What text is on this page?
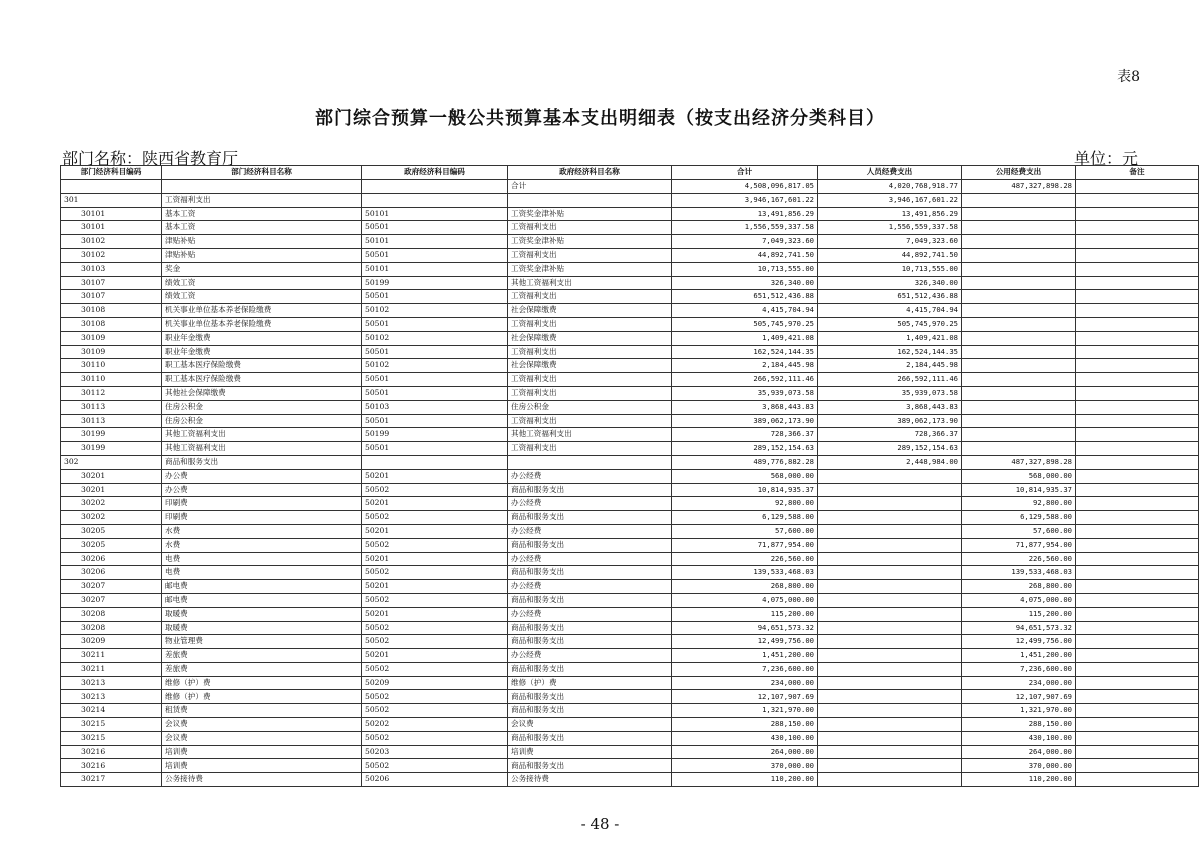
表8
部门综合预算一般公共预算基本支出明细表（按支出经济分类科目）
部门名称：陕西省教育厅	单位：元
部门经济科目编码	部门经济科目名称	政府经济科目编码	政府经济科目名称	合计	人员经费支出	公用经费支出	备注
			合计	4,508,096,817.05	4,020,768,918.77	487,327,898.28	
301	工资福利支出			3,946,167,601.22	3,946,167,601.22		
30101	基本工资	50101	工资奖金津补贴	13,491,856.29	13,491,856.29		
30101	基本工资	50501	工资福利支出	1,556,559,337.58	1,556,559,337.58		
30102	津贴补贴	50101	工资奖金津补贴	7,049,323.60	7,049,323.60		
30102	津贴补贴	50501	工资福利支出	44,892,741.50	44,892,741.50		
30103	奖金	50101	工资奖金津补贴	10,713,555.00	10,713,555.00		
30107	绩效工资	50199	其他工资福利支出	326,340.00	326,340.00		
30107	绩效工资	50501	工资福利支出	651,512,436.88	651,512,436.88		
30108	机关事业单位基本养老保险缴费	50102	社会保障缴费	4,415,704.94	4,415,704.94		
30108	机关事业单位基本养老保险缴费	50501	工资福利支出	505,745,970.25	505,745,970.25		
30109	职业年金缴费	50102	社会保障缴费	1,409,421.08	1,409,421.08		
30109	职业年金缴费	50501	工资福利支出	162,524,144.35	162,524,144.35		
30110	职工基本医疗保险缴费	50102	社会保障缴费	2,184,445.98	2,184,445.98		
30110	职工基本医疗保险缴费	50501	工资福利支出	266,592,111.46	266,592,111.46		
30112	其他社会保障缴费	50501	工资福利支出	35,939,073.58	35,939,073.58		
30113	住房公积金	50103	住房公积金	3,868,443.83	3,868,443.83		
30113	住房公积金	50501	工资福利支出	389,062,173.90	389,062,173.90		
30199	其他工资福利支出	50199	其他工资福利支出	728,366.37	728,366.37		
30199	其他工资福利支出	50501	工资福利支出	289,152,154.63	289,152,154.63		
302	商品和服务支出			489,776,882.28	2,448,984.00	487,327,898.28	
30201	办公费	50201	办公经费	568,000.00		568,000.00	
30201	办公费	50502	商品和服务支出	10,814,935.37		10,814,935.37	
30202	印刷费	50201	办公经费	92,800.00		92,800.00	
30202	印刷费	50502	商品和服务支出	6,129,588.00		6,129,588.00	
30205	水费	50201	办公经费	57,600.00		57,600.00	
30205	水费	50502	商品和服务支出	71,877,954.00		71,877,954.00	
30206	电费	50201	办公经费	226,560.00		226,560.00	
30206	电费	50502	商品和服务支出	139,533,468.03		139,533,468.03	
30207	邮电费	50201	办公经费	268,800.00		268,800.00	
30207	邮电费	50502	商品和服务支出	4,075,000.00		4,075,000.00	
30208	取暖费	50201	办公经费	115,200.00		115,200.00	
30208	取暖费	50502	商品和服务支出	94,651,573.32		94,651,573.32	
30209	物业管理费	50502	商品和服务支出	12,499,756.00		12,499,756.00	
30211	差旅费	50201	办公经费	1,451,200.00		1,451,200.00	
30211	差旅费	50502	商品和服务支出	7,236,600.00		7,236,600.00	
30213	维修（护）费	50209	维修（护）费	234,000.00		234,000.00	
30213	维修（护）费	50502	商品和服务支出	12,107,907.69		12,107,907.69	
30214	租赁费	50502	商品和服务支出	1,321,970.00		1,321,970.00	
30215	会议费	50202	会议费	288,150.00		288,150.00	
30215	会议费	50502	商品和服务支出	430,100.00		430,100.00	
30216	培训费	50203	培训费	264,000.00		264,000.00	
30216	培训费	50502	商品和服务支出	370,000.00		370,000.00	
30217	公务接待费	50206	公务接待费	110,200.00		110,200.00	
- 48 -
